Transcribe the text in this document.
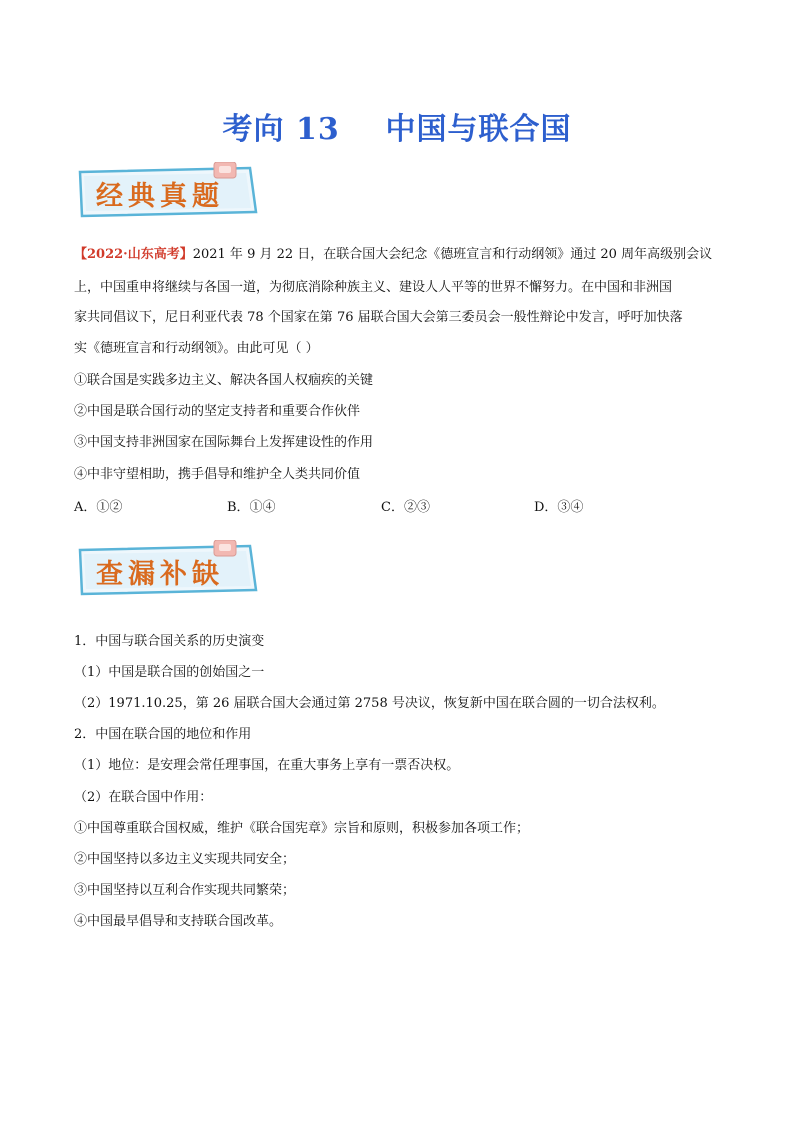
考向 13    中国与联合国
经典真题
【2022·山东高考】2021 年 9 月 22 日，在联合国大会纪念《德班宣言和行动纲领》通过 20 周年高级别会议
上，中国重申将继续与各国一道，为彻底消除种族主义、建设人人平等的世界不懈努力。在中国和非洲国
家共同倡议下，尼日利亚代表 78 个国家在第 76 届联合国大会第三委员会一般性辩论中发言，呼吁加快落
实《德班宣言和行动纲领》。由此可见（ ）
①联合国是实践多边主义、解决各国人权痼疾的关键
②中国是联合国行动的坚定支持者和重要合作伙伴
③中国支持非洲国家在国际舞台上发挥建设性的作用
④中非守望相助，携手倡导和维护全人类共同价值
A．①②	B．①④	C．②③	D．③④
查漏补缺
1．中国与联合国关系的历史演变
（1）中国是联合国的创始国之一
（2）1971.10.25，第 26 届联合国大会通过第 2758 号决议，恢复新中国在联合圆的一切合法权利。
2．中国在联合国的地位和作用
（1）地位：是安理会常任理事国，在重大事务上享有一票否决权。
（2）在联合国中作用：
①中国尊重联合国权威，维护《联合国宪章》宗旨和原则，积极参加各项工作；
②中国坚持以多边主义实现共同安全；
③中国坚持以互利合作实现共同繁荣；
④中国最早倡导和支持联合国改革。
